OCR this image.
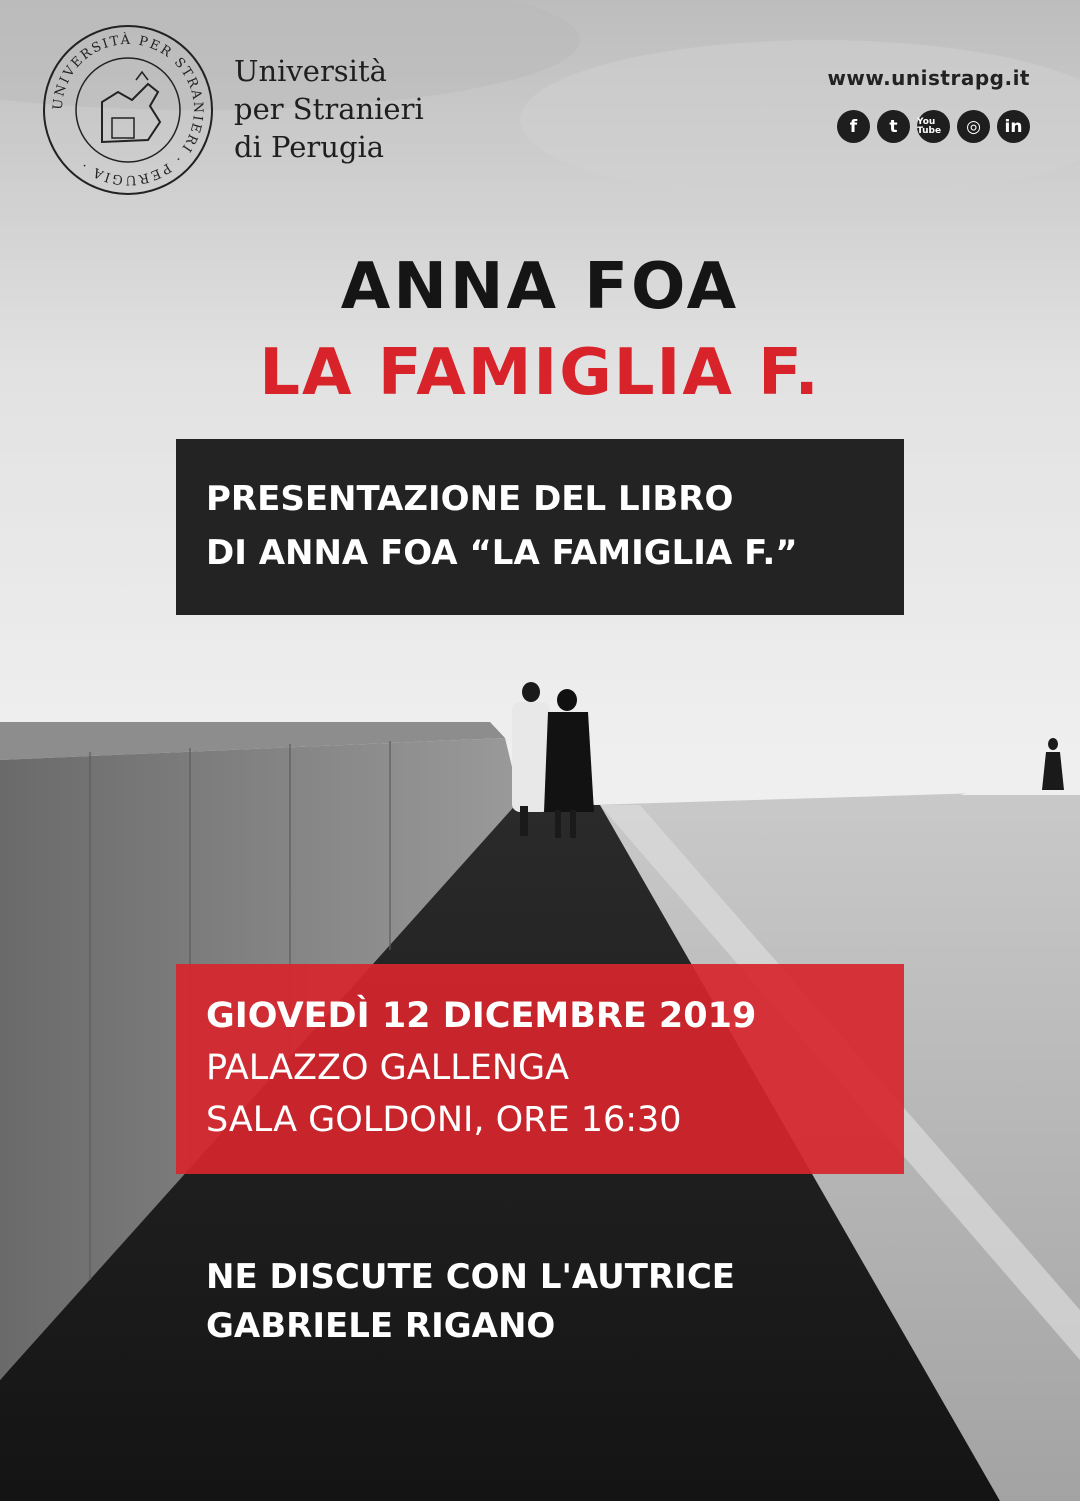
UNIVERSITÀ PER STRANIERI · PERUGIA ·
Università
per Stranieri
di Perugia
www.unistrapg.it
f	t	You Tube	◎	in
ANNA FOA
LA FAMIGLIA F.
PRESENTAZIONE DEL LIBRO
DI ANNA FOA “LA FAMIGLIA F.”
GIOVEDÌ 12 DICEMBRE 2019
PALAZZO GALLENGA
SALA GOLDONI, ORE 16:30
NE DISCUTE CON L'AUTRICE
GABRIELE RIGANO
